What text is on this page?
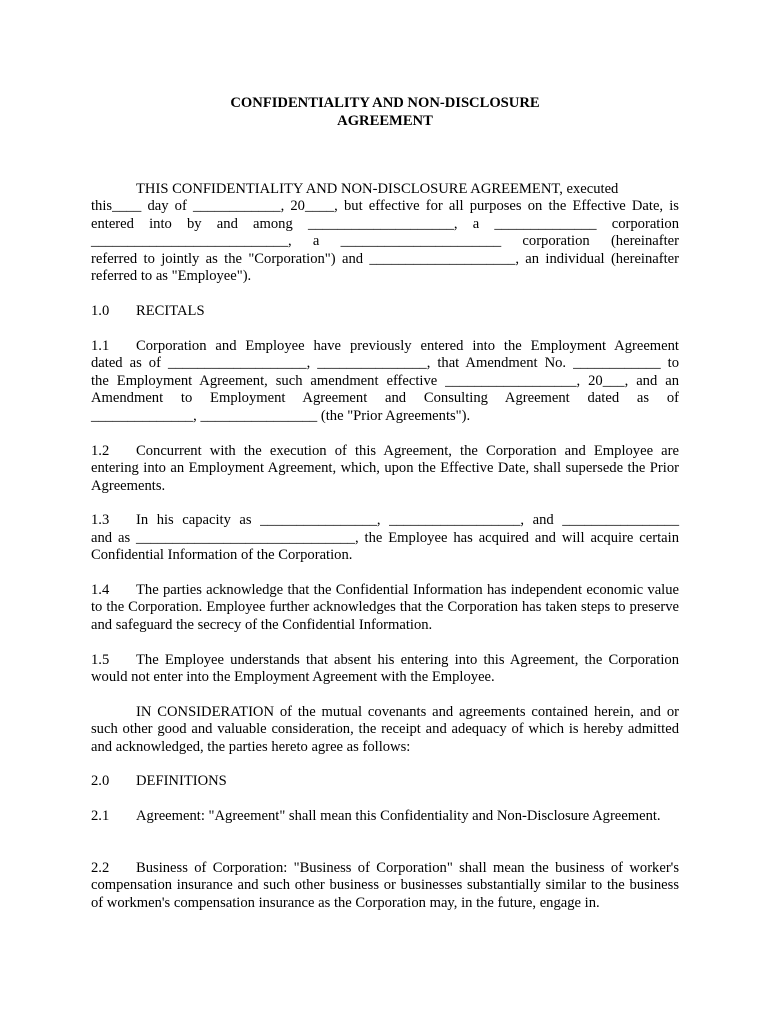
CONFIDENTIALITY AND NON-DISCLOSURE
AGREEMENT
THIS CONFIDENTIALITY AND NON-DISCLOSURE AGREEMENT, executed
this____ day of ____________, 20____, but effective for all purposes on the Effective Date, is
entered into by and among ____________________, a ______________ corporation
___________________________, a ______________________ corporation (hereinafter
referred to jointly as the "Corporation") and ____________________, an individual (hereinafter
referred to as "Employee").
1.0 RECITALS
1.1 Corporation and Employee have previously entered into the Employment Agreement
dated as of ___________________, _______________, that Amendment No. ____________ to
the Employment Agreement, such amendment effective __________________, 20___, and an
Amendment to Employment Agreement and Consulting Agreement dated as of
______________, ________________ (the "Prior Agreements").
1.2 Concurrent with the execution of this Agreement, the Corporation and Employee are entering into an Employment Agreement, which, upon the Effective Date, shall supersede the Prior Agreements.
1.3 In his capacity as ________________, __________________, and ________________
and as ______________________________, the Employee has acquired and will acquire certain
Confidential Information of the Corporation.
1.4 The parties acknowledge that the Confidential Information has independent economic value to the Corporation. Employee further acknowledges that the Corporation has taken steps to preserve and safeguard the secrecy of the Confidential Information.
1.5 The Employee understands that absent his entering into this Agreement, the Corporation would not enter into the Employment Agreement with the Employee.
IN CONSIDERATION of the mutual covenants and agreements contained herein, and or such other good and valuable consideration, the receipt and adequacy of which is hereby admitted and acknowledged, the parties hereto agree as follows:
2.0 DEFINITIONS
2.1 Agreement: "Agreement" shall mean this Confidentiality and Non-Disclosure Agreement.
2.2 Business of Corporation: "Business of Corporation" shall mean the business of worker's compensation insurance and such other business or businesses substantially similar to the business of workmen's compensation insurance as the Corporation may, in the future, engage in.
